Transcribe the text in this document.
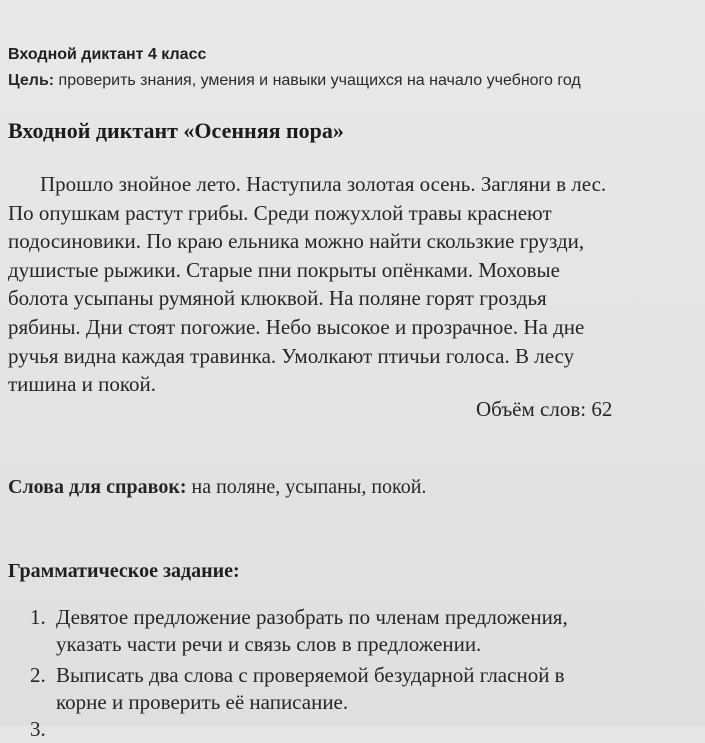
Входной диктант 4 класс
Цель: проверить знания, умения и навыки учащихся на начало учебного год
Входной диктант «Осенняя пора»
Прошло знойное лето. Наступила золотая осень. Загляни в лес.
По опушкам растут грибы. Среди пожухлой травы краснеют
подосиновики. По краю ельника можно найти скользкие грузди,
душистые рыжики. Старые пни покрыты опёнками. Моховые
болота усыпаны румяной клюквой. На поляне горят гроздья
рябины. Дни стоят погожие. Небо высокое и прозрачное. На дне
ручья видна каждая травинка. Умолкают птичьи голоса. В лесу
тишина и покой.
Объём слов: 62
Слова для справок: на поляне, усыпаны, покой.
Грамматическое задание:
1. Девятое предложение разобрать по членам предложения,
указать части речи и связь слов в предложении.
2. Выписать два слова с проверяемой безударной гласной в
корне и проверить её написание.
3.
